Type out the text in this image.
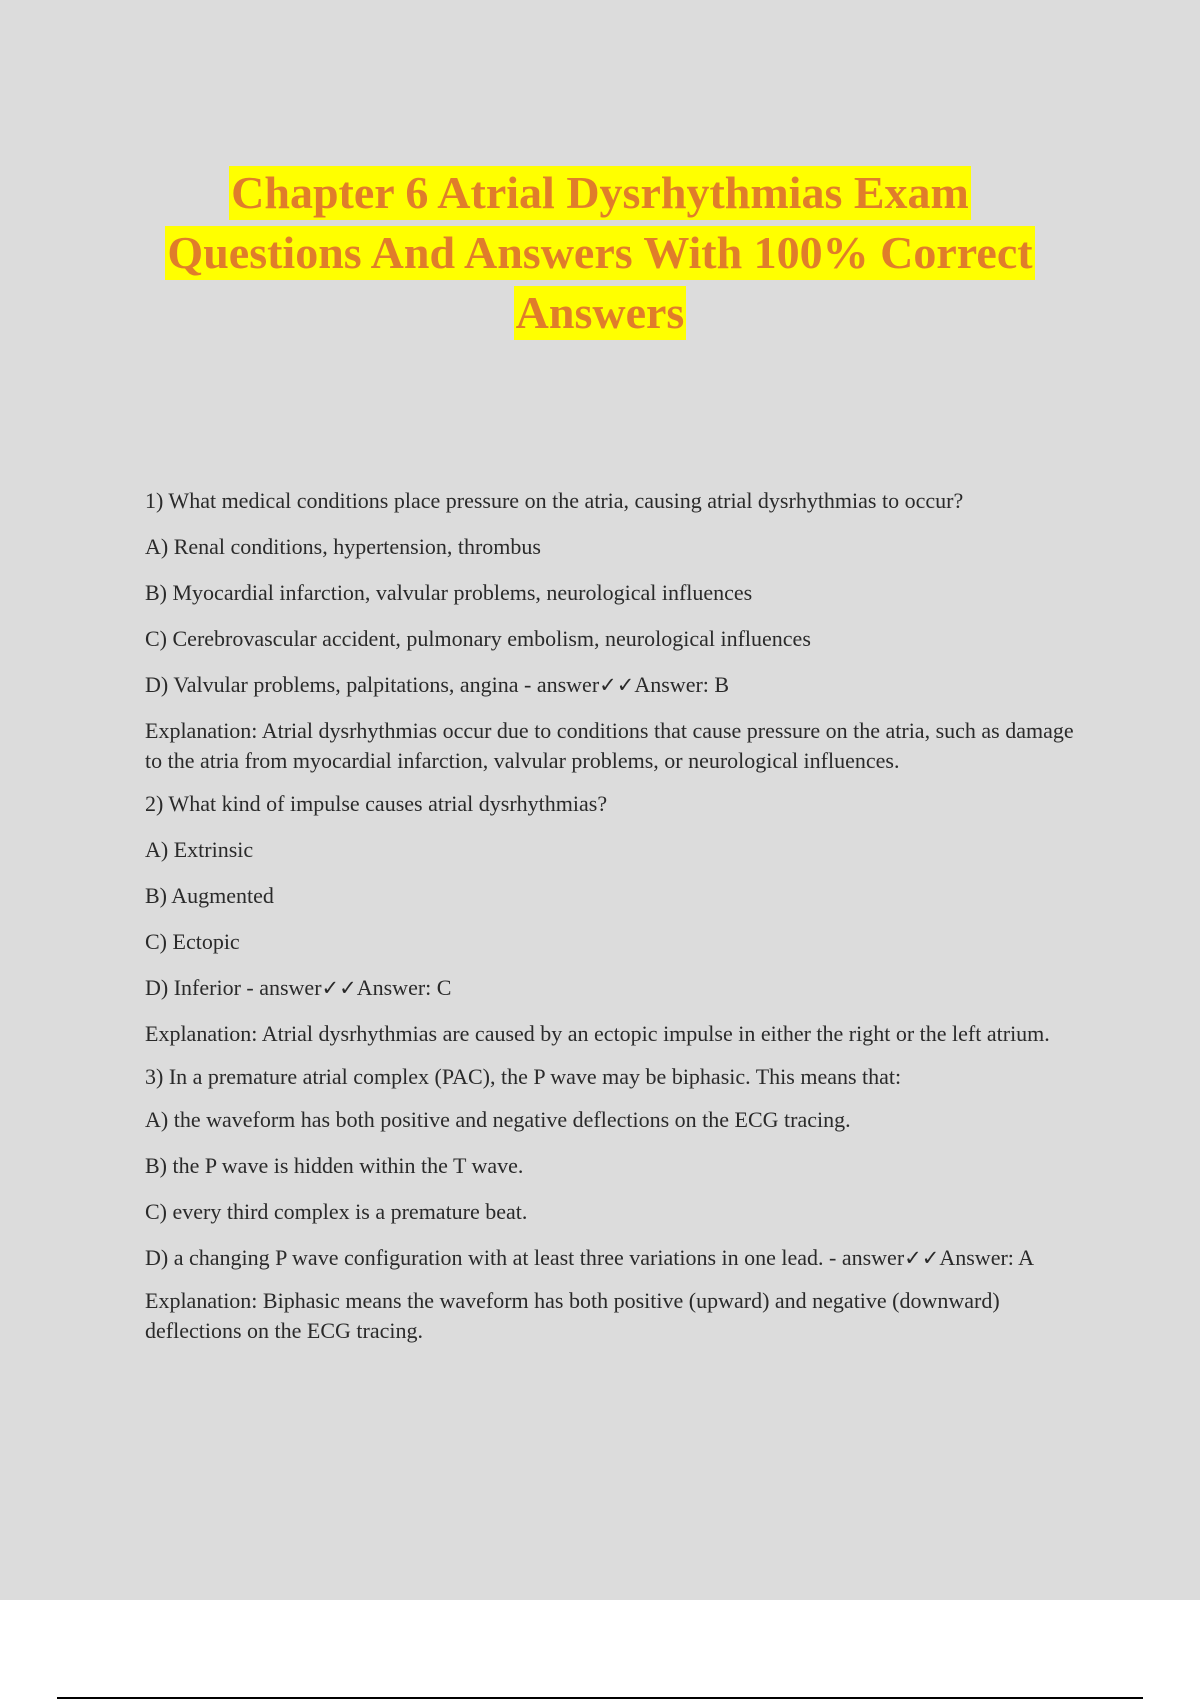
Chapter 6 Atrial Dysrhythmias Exam
Questions And Answers With 100% Correct
Answers

1) What medical conditions place pressure on the atria, causing atrial dysrhythmias to occur?

A) Renal conditions, hypertension, thrombus

B) Myocardial infarction, valvular problems, neurological influences

C) Cerebrovascular accident, pulmonary embolism, neurological influences

D) Valvular problems, palpitations, angina - answer✓✓Answer: B

Explanation: Atrial dysrhythmias occur due to conditions that cause pressure on the atria, such as damage to the atria from myocardial infarction, valvular problems, or neurological influences.

2) What kind of impulse causes atrial dysrhythmias?

A) Extrinsic

B) Augmented

C) Ectopic

D) Inferior - answer✓✓Answer: C

Explanation: Atrial dysrhythmias are caused by an ectopic impulse in either the right or the left atrium.

3) In a premature atrial complex (PAC), the P wave may be biphasic. This means that:

A) the waveform has both positive and negative deflections on the ECG tracing.

B) the P wave is hidden within the T wave.

C) every third complex is a premature beat.

D) a changing P wave configuration with at least three variations in one lead. - answer✓✓Answer: A

Explanation: Biphasic means the waveform has both positive (upward) and negative (downward) deflections on the ECG tracing.
